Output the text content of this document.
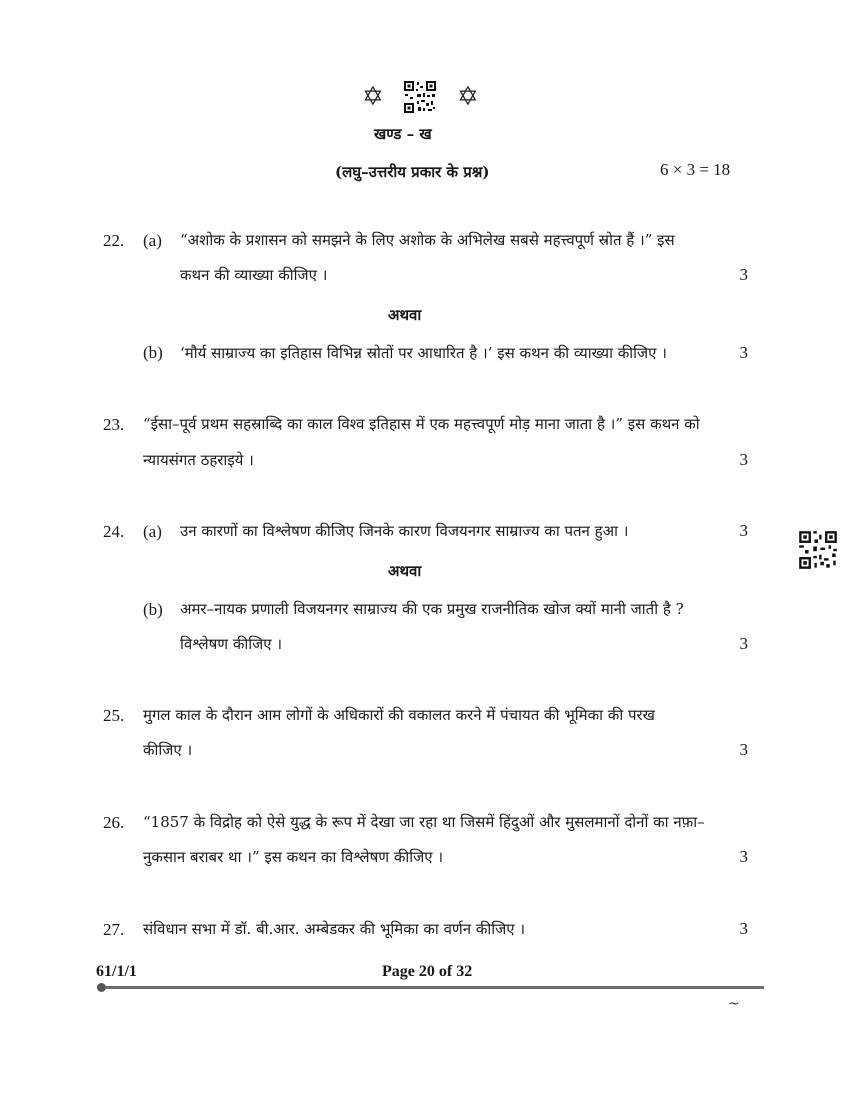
✡	✡
खण्ड – ख
(लघु–उत्तरीय प्रकार के प्रश्न)	6 × 3 = 18
22. (a) “अशोक के प्रशासन को समझने के लिए अशोक के अभिलेख सबसे महत्त्वपूर्ण स्रोत हैं ।” इस
कथन की व्याख्या कीजिए ।	3
अथवा
(b) ‘मौर्य साम्राज्य का इतिहास विभिन्न स्रोतों पर आधारित है ।’ इस कथन की व्याख्या कीजिए ।	3
23. “ईसा–पूर्व प्रथम सहस्राब्दि का काल विश्व इतिहास में एक महत्त्वपूर्ण मोड़ माना जाता है ।” इस कथन को
न्यायसंगत ठहराइये ।	3
24. (a) उन कारणों का विश्लेषण कीजिए जिनके कारण विजयनगर साम्राज्य का पतन हुआ ।	3
अथवा
(b) अमर–नायक प्रणाली विजयनगर साम्राज्य की एक प्रमुख राजनीतिक खोज क्यों मानी जाती है ?
विश्लेषण कीजिए ।	3
25. मुगल काल के दौरान आम लोगों के अधिकारों की वकालत करने में पंचायत की भूमिका की परख
कीजिए ।	3
26. “1857 के विद्रोह को ऐसे युद्ध के रूप में देखा जा रहा था जिसमें हिंदुओं और मुसलमानों दोनों का नफ़ा–
नुकसान बराबर था ।” इस कथन का विश्लेषण कीजिए ।	3
27. संविधान सभा में डॉ. बी.आर. अम्बेडकर की भूमिका का वर्णन कीजिए ।	3
61/1/1	Page 20 of 32
~
